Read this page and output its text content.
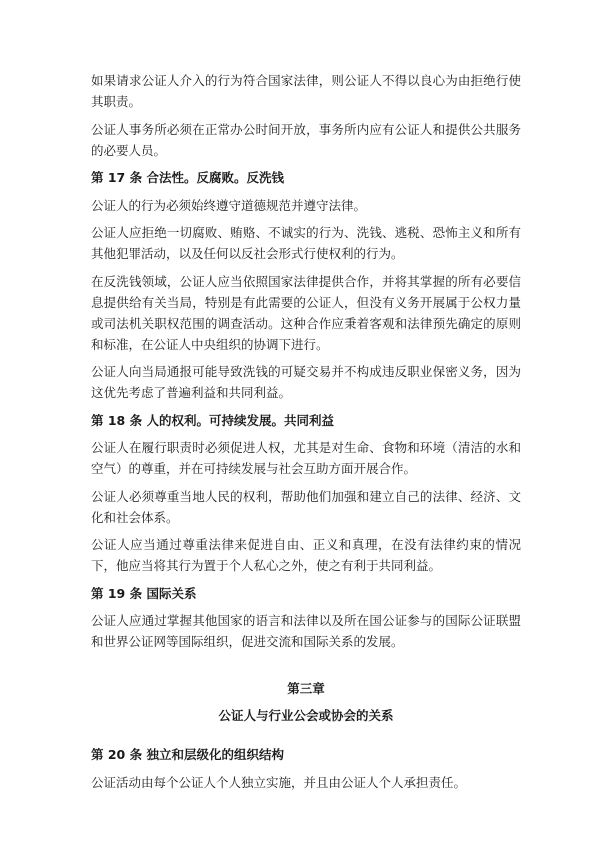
如果请求公证人介入的行为符合国家法律，则公证人不得以良心为由拒绝行使其职责。

公证人事务所必须在正常办公时间开放，事务所内应有公证人和提供公共服务的必要人员。

第 17 条 合法性。反腐败。反洗钱

公证人的行为必须始终遵守道德规范并遵守法律。

公证人应拒绝一切腐败、贿赂、不诚实的行为、洗钱、逃税、恐怖主义和所有其他犯罪活动，以及任何以反社会形式行使权利的行为。

在反洗钱领域，公证人应当依照国家法律提供合作，并将其掌握的所有必要信息提供给有关当局，特别是有此需要的公证人，但没有义务开展属于公权力量或司法机关职权范围的调查活动。这种合作应秉着客观和法律预先确定的原则和标准，在公证人中央组织的协调下进行。

公证人向当局通报可能导致洗钱的可疑交易并不构成违反职业保密义务，因为这优先考虑了普遍利益和共同利益。

第 18 条 人的权利。可持续发展。共同利益

公证人在履行职责时必须促进人权，尤其是对生命、食物和环境（清洁的水和空气）的尊重，并在可持续发展与社会互助方面开展合作。

公证人必须尊重当地人民的权利，帮助他们加强和建立自己的法律、经济、文化和社会体系。

公证人应当通过尊重法律来促进自由、正义和真理，在没有法律约束的情况下，他应当将其行为置于个人私心之外，使之有利于共同利益。

第 19 条 国际关系

公证人应通过掌握其他国家的语言和法律以及所在国公证参与的国际公证联盟和世界公证网等国际组织，促进交流和国际关系的发展。

第三章
公证人与行业公会或协会的关系
第 20 条 独立和层级化的组织结构

公证活动由每个公证人个人独立实施，并且由公证人个人承担责任。
